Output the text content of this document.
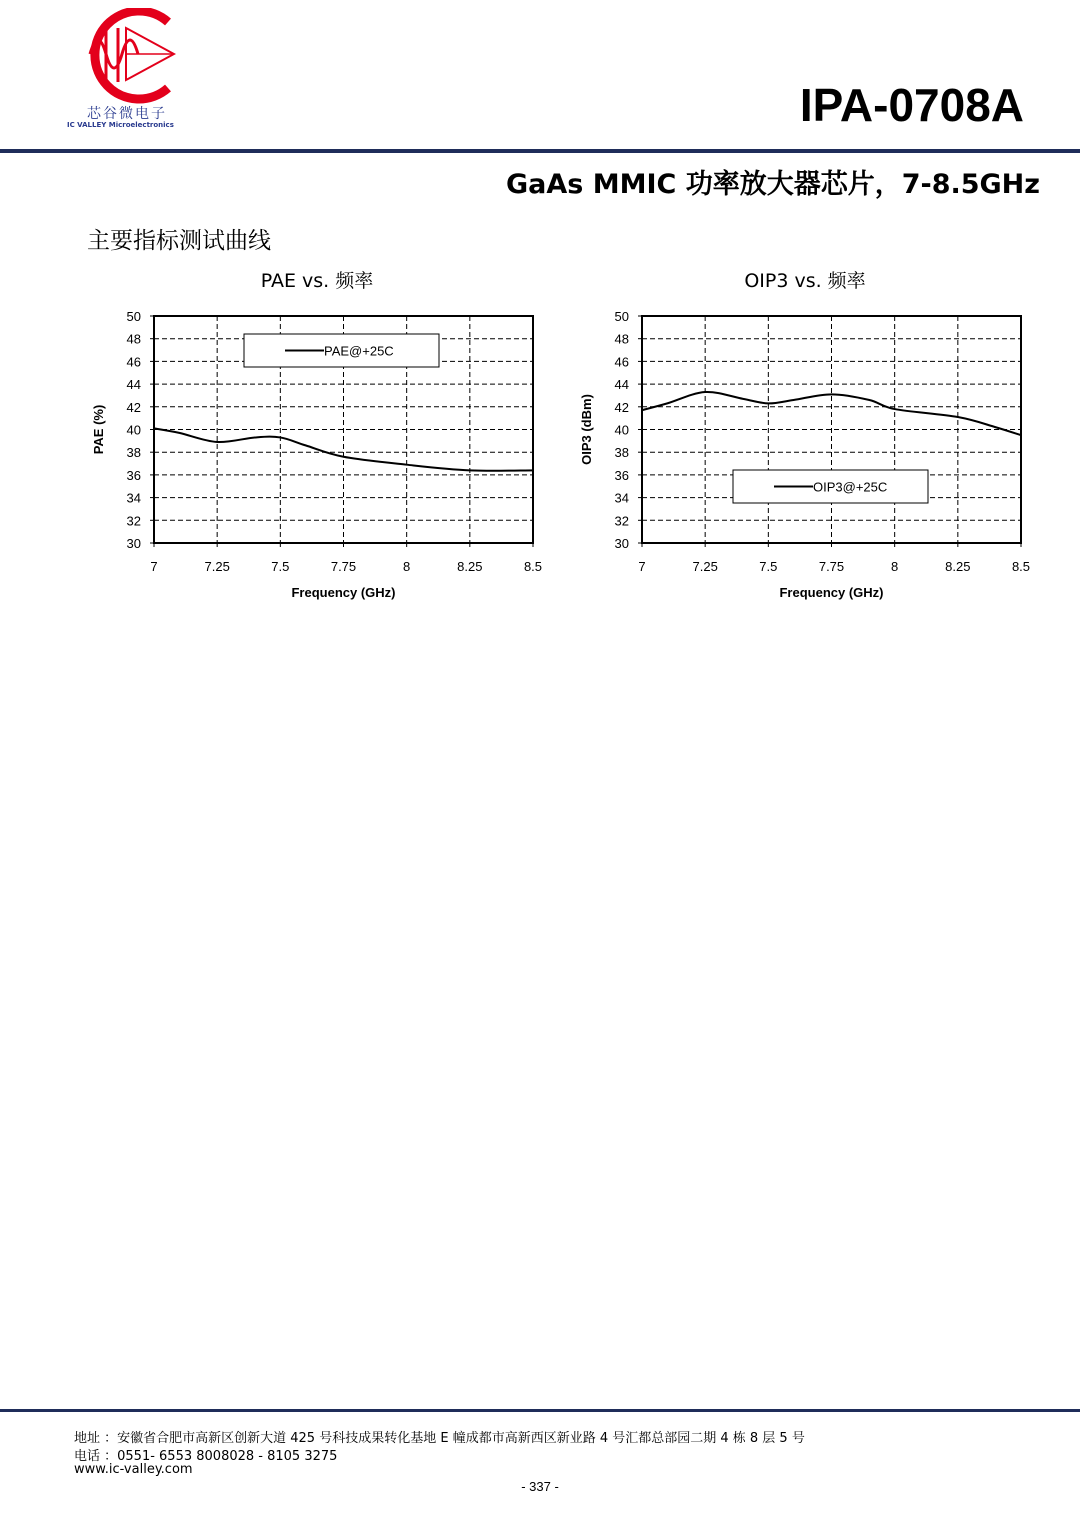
芯谷微电子
IC VALLEY Microelectronics	IPA-0708A
GaAs MMIC 功率放大器芯片，7-8.5GHz
主要指标测试曲线
PAE vs. 频率
30
32
34
36
38
40
42
44
46
48
50
7	7.25	7.5	7.75	8	8.25	8.5
Frequency (GHz)
PAE (%)
PAE@+25C
OIP3 vs. 频率
30
32
34
36
38
40
42
44
46
48
50
7	7.25	7.5	7.75	8	8.25	8.5
Frequency (GHz)
OIP3 (dBm)
OIP3@+25C
地址 ：安徽省合肥市高新区创新大道 425 号科技成果转化基地 E 幢成都市高新西区新业路 4 号汇都总部园二期 4 栋 8 层 5 号
电话 ：0551- 6553 8008028 - 8105 3275
www.ic-valley.com
- 337 -
